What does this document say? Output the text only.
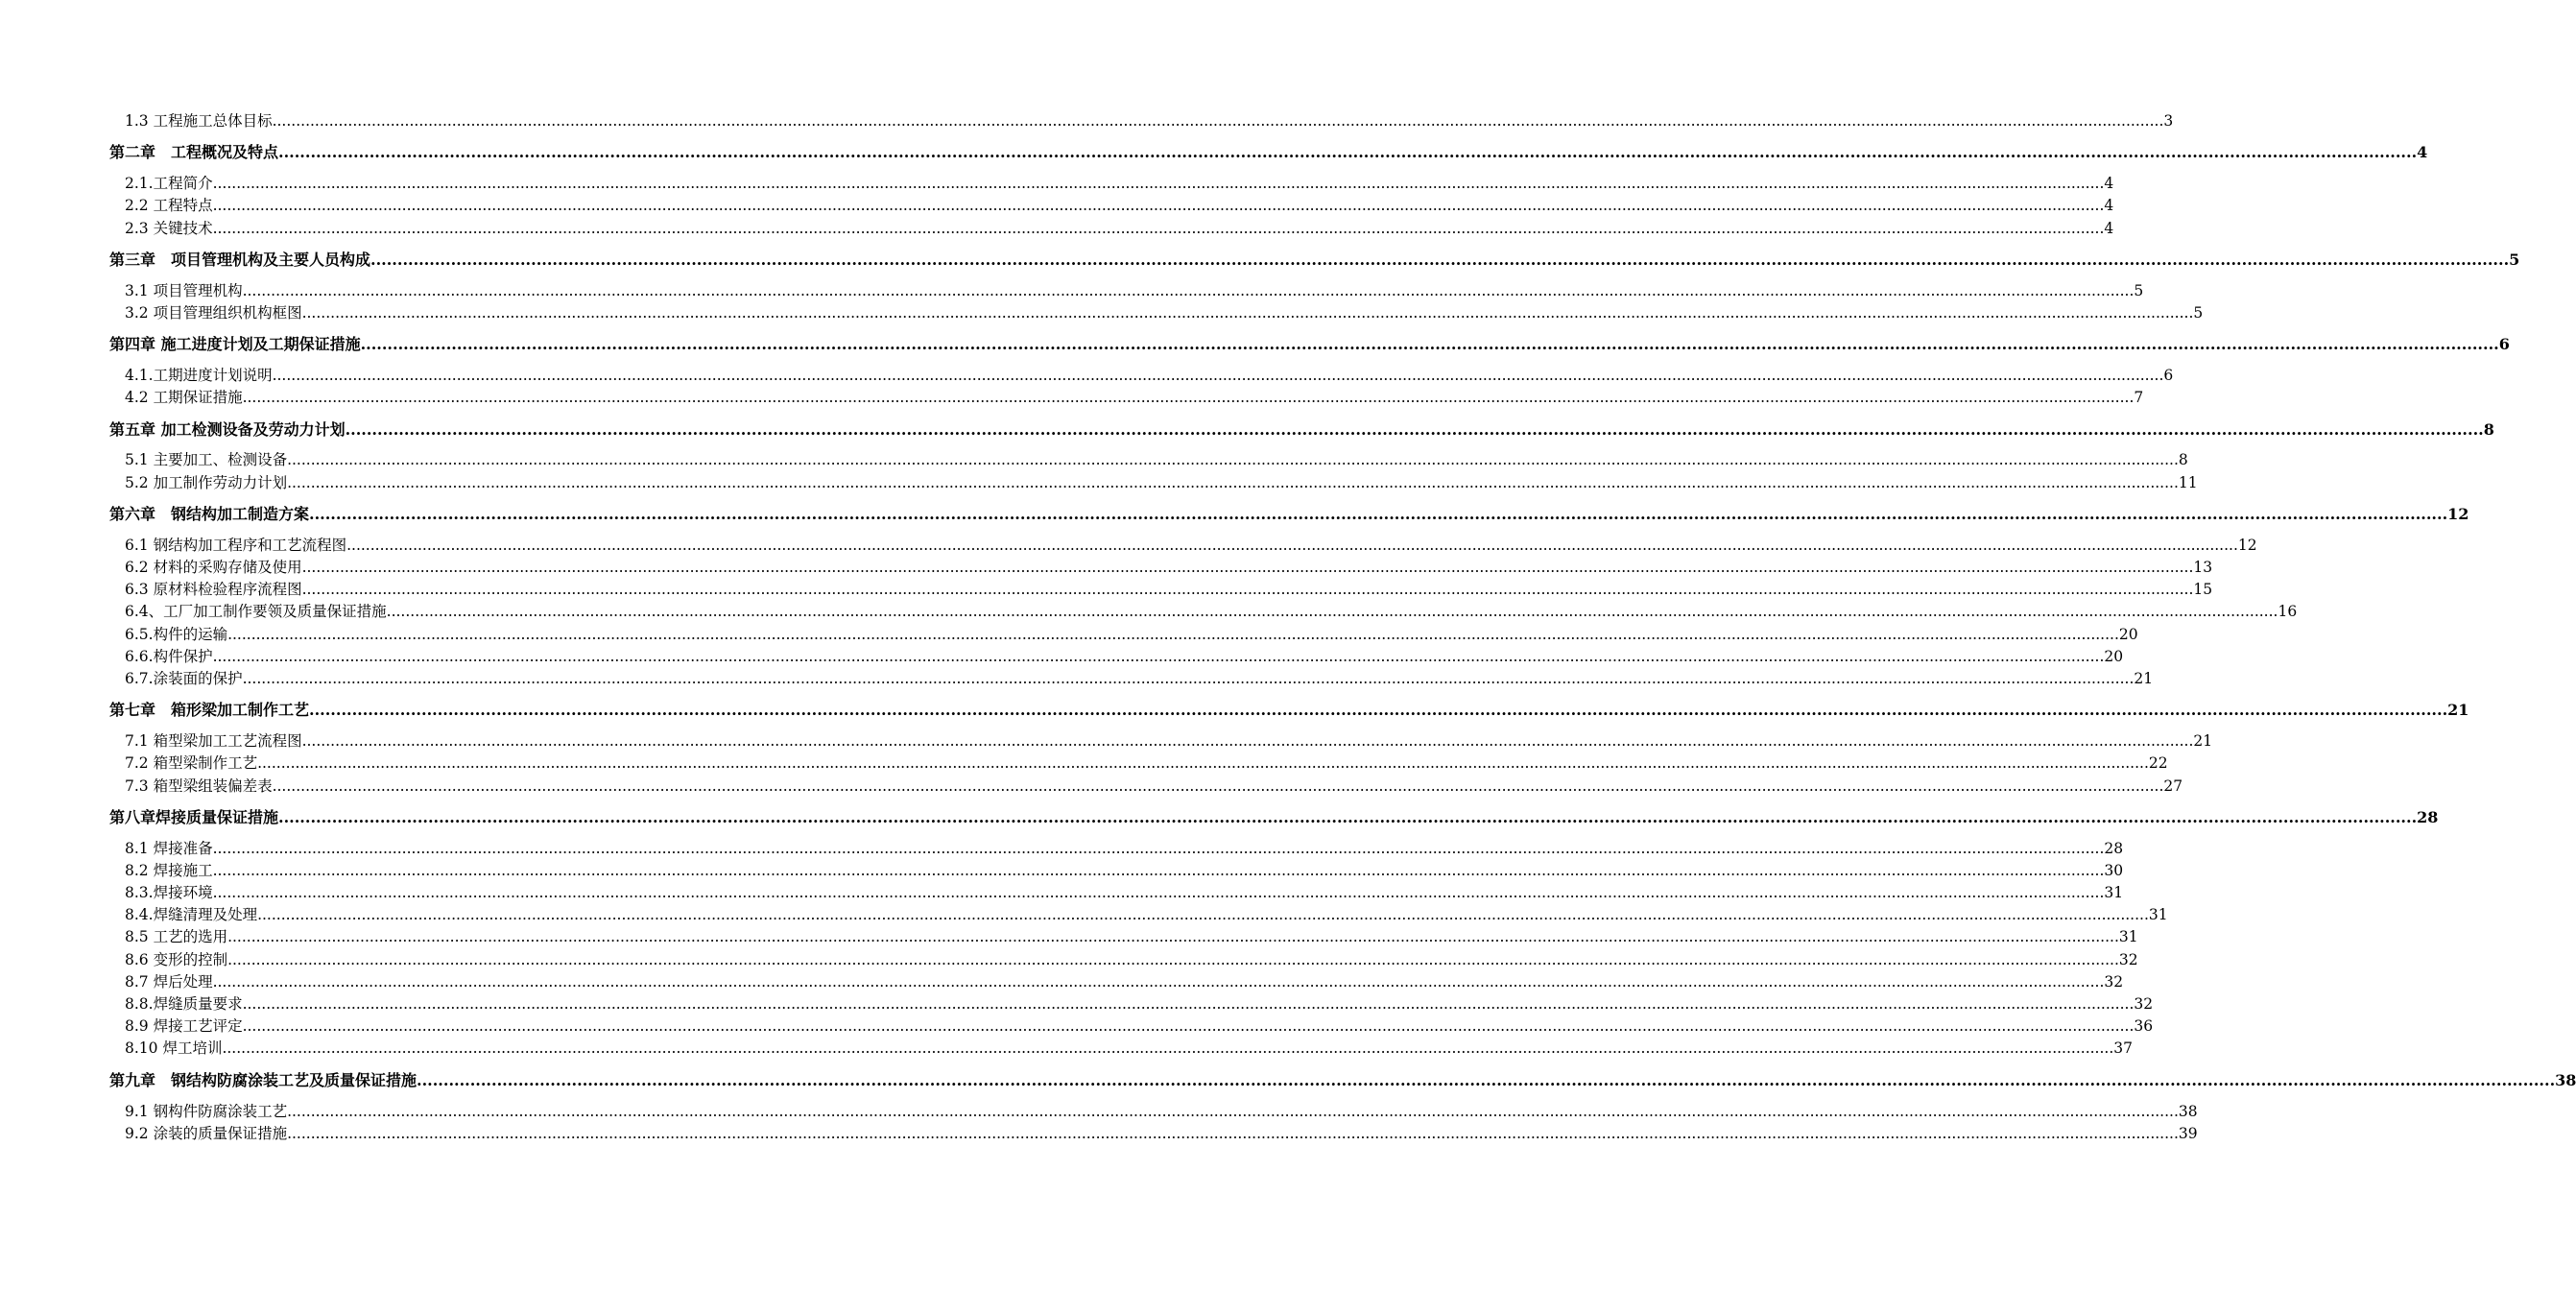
1.3 工程施工总体目标 ................................................................................................................................................................................................................................................................................................................................................................................................................ 3
第二章　工程概况及特点 ................................................................................................................................................................................................................................................................................................................................................................................................................ 4
2.1.工程简介 ................................................................................................................................................................................................................................................................................................................................................................................................................ 4
2.2 工程特点 ................................................................................................................................................................................................................................................................................................................................................................................................................ 4
2.3 关键技术 ................................................................................................................................................................................................................................................................................................................................................................................................................ 4
第三章　项目管理机构及主要人员构成 ................................................................................................................................................................................................................................................................................................................................................................................................................ 5
3.1 项目管理机构 ................................................................................................................................................................................................................................................................................................................................................................................................................ 5
3.2 项目管理组织机构框图 ................................................................................................................................................................................................................................................................................................................................................................................................................ 5
第四章 施工进度计划及工期保证措施 ................................................................................................................................................................................................................................................................................................................................................................................................................ 6
4.1.工期进度计划说明 ................................................................................................................................................................................................................................................................................................................................................................................................................ 6
4.2 工期保证措施 ................................................................................................................................................................................................................................................................................................................................................................................................................ 7
第五章 加工检测设备及劳动力计划 ................................................................................................................................................................................................................................................................................................................................................................................................................ 8
5.1 主要加工、检测设备 ................................................................................................................................................................................................................................................................................................................................................................................................................ 8
5.2 加工制作劳动力计划 ................................................................................................................................................................................................................................................................................................................................................................................................................ 11
第六章　钢结构加工制造方案 ................................................................................................................................................................................................................................................................................................................................................................................................................ 12
6.1 钢结构加工程序和工艺流程图 ................................................................................................................................................................................................................................................................................................................................................................................................................ 12
6.2 材料的采购存储及使用 ................................................................................................................................................................................................................................................................................................................................................................................................................ 13
6.3 原材料检验程序流程图 ................................................................................................................................................................................................................................................................................................................................................................................................................ 15
6.4、工厂加工制作要领及质量保证措施 ................................................................................................................................................................................................................................................................................................................................................................................................................ 16
6.5.构件的运输 ................................................................................................................................................................................................................................................................................................................................................................................................................ 20
6.6.构件保护 ................................................................................................................................................................................................................................................................................................................................................................................................................ 20
6.7.涂装面的保护 ................................................................................................................................................................................................................................................................................................................................................................................................................ 21
第七章　箱形梁加工制作工艺 ................................................................................................................................................................................................................................................................................................................................................................................................................ 21
7.1 箱型梁加工工艺流程图 ................................................................................................................................................................................................................................................................................................................................................................................................................ 21
7.2 箱型梁制作工艺 ................................................................................................................................................................................................................................................................................................................................................................................................................ 22
7.3 箱型梁组装偏差表 ................................................................................................................................................................................................................................................................................................................................................................................................................ 27
第八章焊接质量保证措施 ................................................................................................................................................................................................................................................................................................................................................................................................................ 28
8.1 焊接准备 ................................................................................................................................................................................................................................................................................................................................................................................................................ 28
8.2 焊接施工 ................................................................................................................................................................................................................................................................................................................................................................................................................ 30
8.3.焊接环境 ................................................................................................................................................................................................................................................................................................................................................................................................................ 31
8.4.焊缝清理及处理 ................................................................................................................................................................................................................................................................................................................................................................................................................ 31
8.5 工艺的选用 ................................................................................................................................................................................................................................................................................................................................................................................................................ 31
8.6 变形的控制 ................................................................................................................................................................................................................................................................................................................................................................................................................ 32
8.7 焊后处理 ................................................................................................................................................................................................................................................................................................................................................................................................................ 32
8.8.焊缝质量要求 ................................................................................................................................................................................................................................................................................................................................................................................................................ 32
8.9 焊接工艺评定 ................................................................................................................................................................................................................................................................................................................................................................................................................ 36
8.10 焊工培训 ................................................................................................................................................................................................................................................................................................................................................................................................................ 37
第九章　钢结构防腐涂装工艺及质量保证措施 ................................................................................................................................................................................................................................................................................................................................................................................................................ 38
9.1 钢构件防腐涂装工艺 ................................................................................................................................................................................................................................................................................................................................................................................................................ 38
9.2 涂装的质量保证措施 ................................................................................................................................................................................................................................................................................................................................................................................................................ 39
